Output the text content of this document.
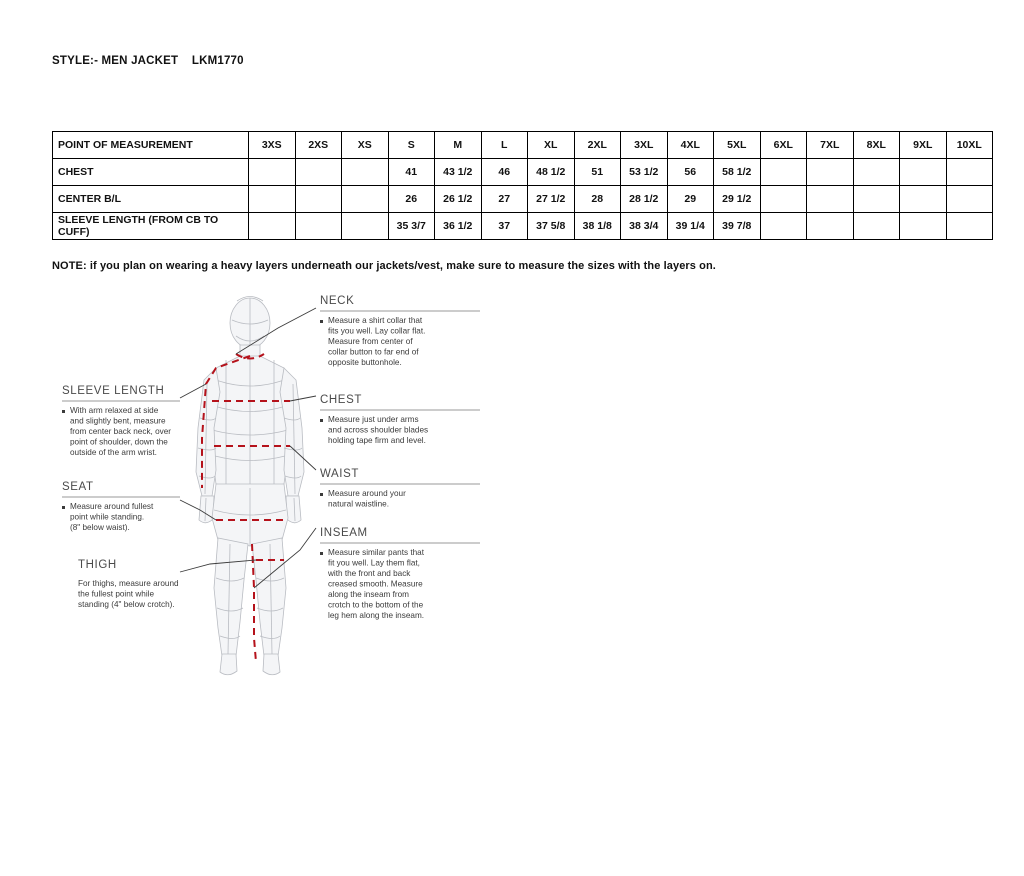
STYLE:- MEN JACKET    LKM1770
POINT OF MEASUREMENT	3XS	2XS	XS	S	M	L	XL	2XL	3XL	4XL	5XL	6XL	7XL	8XL	9XL	10XL
CHEST				41	43 1/2	46	48 1/2	51	53 1/2	56	58 1/2					
CENTER B/L				26	26 1/2	27	27 1/2	28	28 1/2	29	29 1/2					
SLEEVE LENGTH (FROM CB TO CUFF)				35 3/7	36 1/2	37	37 5/8	38 1/8	38 3/4	39 1/4	39 7/8					
NOTE: if you plan on wearing a heavy layers underneath our jackets/vest, make sure to measure the sizes with the layers on.
SLEEVE LENGTH
With arm relaxed at side and slightly bent, measure from center back neck, over point of shoulder, down the outside of the arm wrist.
SEAT
Measure around fullest point while standing. (8" below waist).
THIGH
For thighs, measure around the fullest point while standing (4" below crotch).
NECK
Measure a shirt collar that fits you well. Lay collar flat. Measure from center of collar button to far end of opposite buttonhole.
CHEST
Measure just under arms and across shoulder blades holding tape firm and level.
WAIST
Measure around your natural waistline.
INSEAM
Measure similar pants that fit you well. Lay them flat, with the front and back creased smooth. Measure along the inseam from crotch to the bottom of the leg hem along the inseam.
